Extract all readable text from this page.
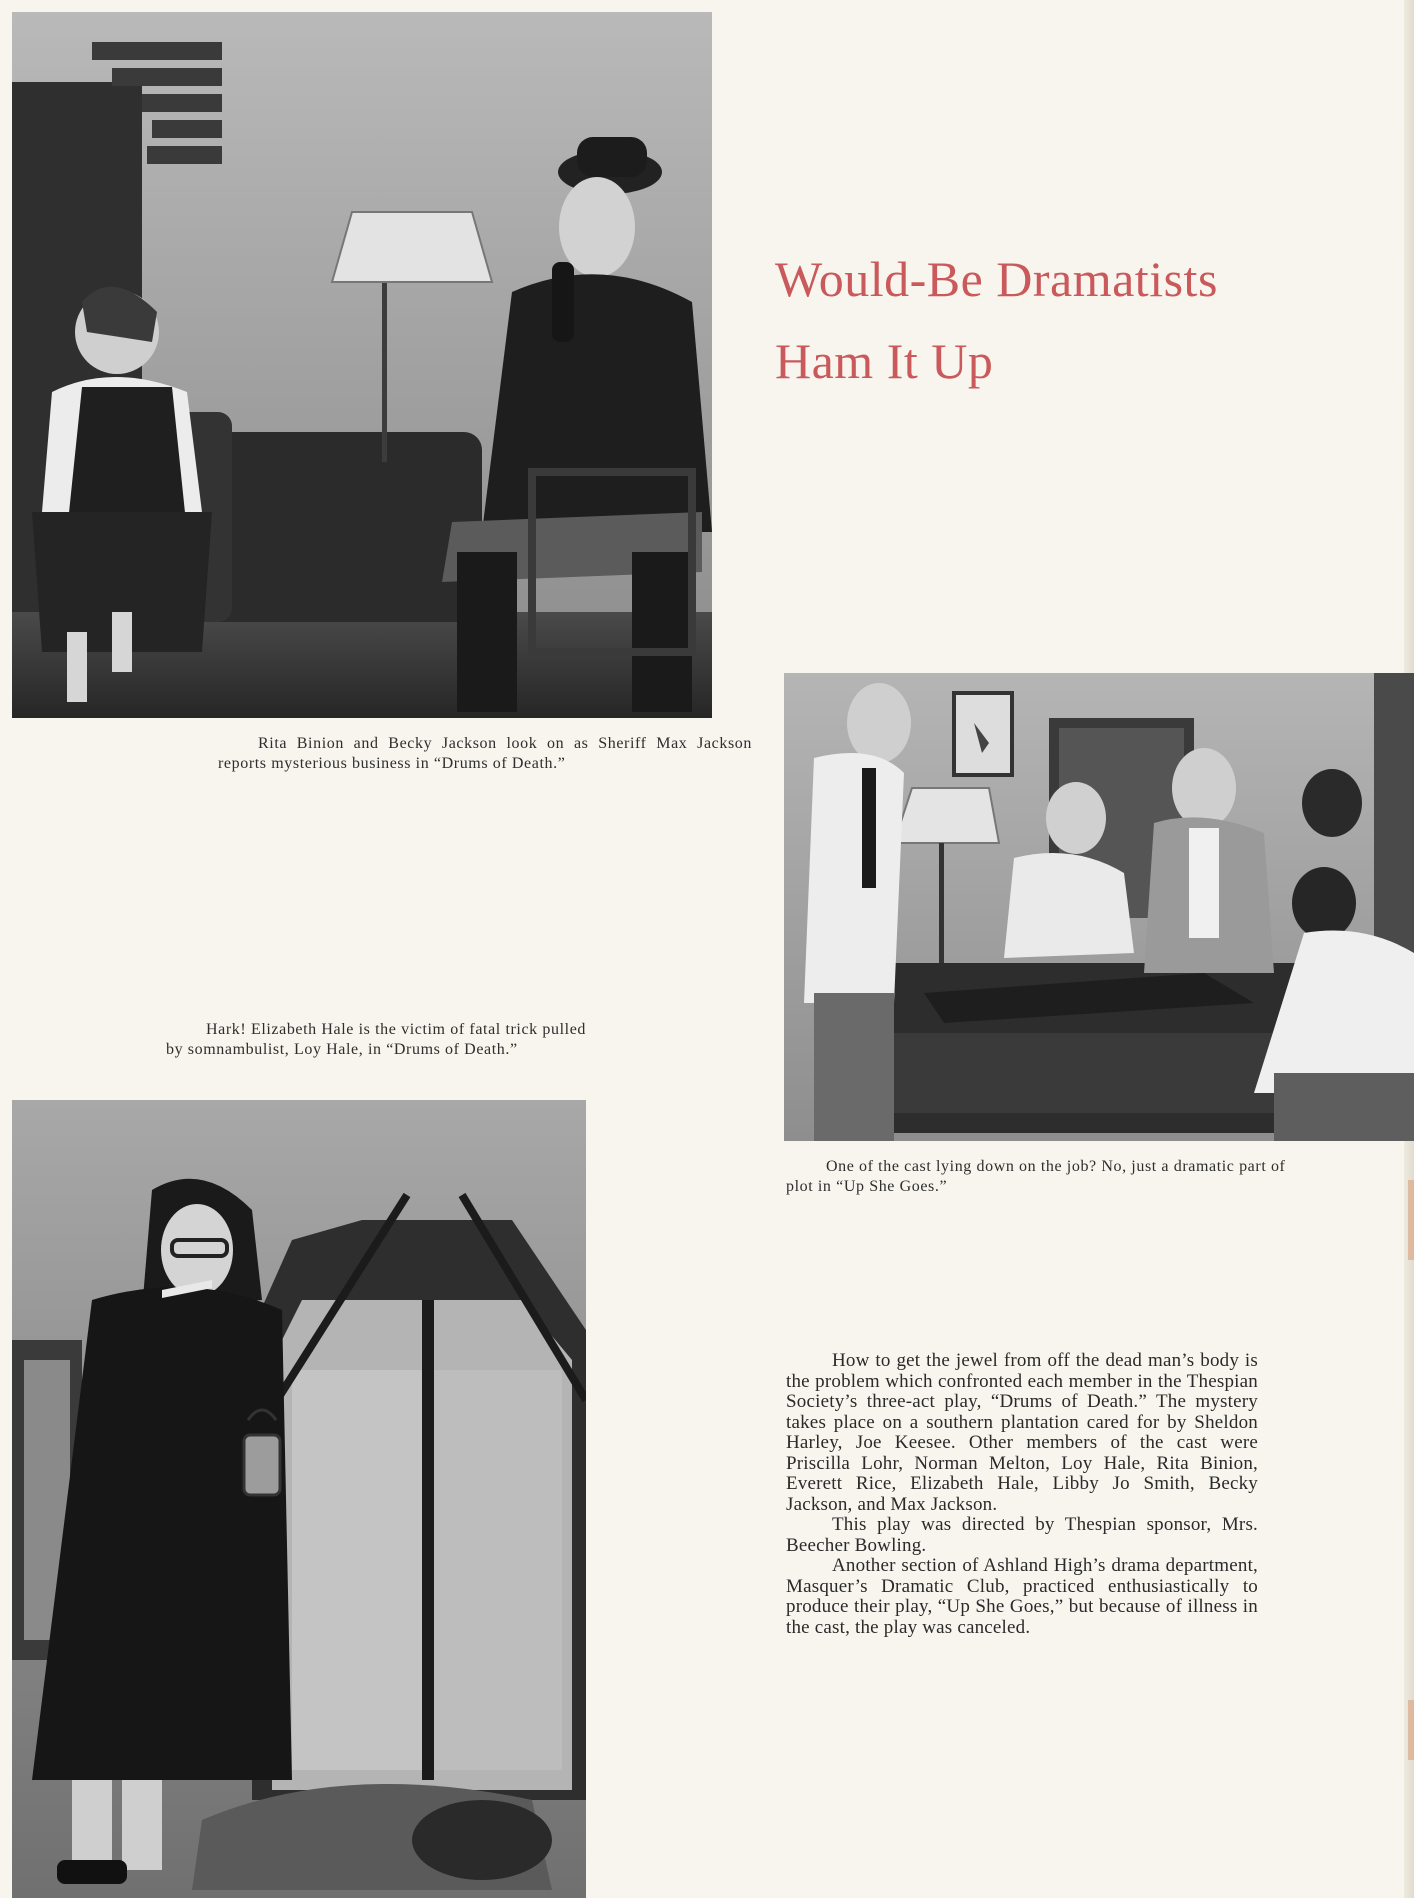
Rita Binion and Becky Jackson look on as Sheriff Max Jackson reports mysterious business in “Drums of Death.”
Would-Be Dramatists
Ham It Up
One of the cast lying down on the job? No, just a dramatic part of plot in “Up She Goes.”
Hark! Elizabeth Hale is the victim of fatal trick pulled by somnambulist, Loy Hale, in “Drums of Death.”

How to get the jewel from off the dead man’s body is the problem which confronted each member in the Thespian Society’s three-act play, “Drums of Death.” The mystery takes place on a southern plantation cared for by Sheldon Harley, Joe Keesee. Other members of the cast were Priscilla Lohr, Norman Melton, Loy Hale, Rita Binion, Everett Rice, Elizabeth Hale, Libby Jo Smith, Becky Jackson, and Max Jackson.

This play was directed by Thespian sponsor, Mrs. Beecher Bowling.

Another section of Ashland High’s drama department, Masquer’s Dramatic Club, practiced enthusiastically to produce their play, “Up She Goes,” but because of illness in the cast, the play was canceled.
